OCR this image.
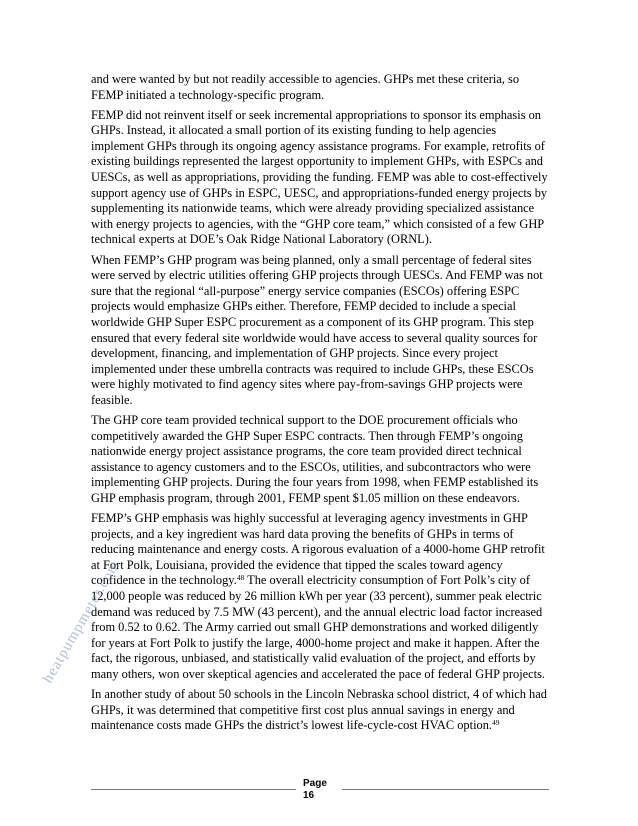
and were wanted by but not readily accessible to agencies. GHPs met these criteria, so FEMP initiated a technology-specific program.

FEMP did not reinvent itself or seek incremental appropriations to sponsor its emphasis on GHPs. Instead, it allocated a small portion of its existing funding to help agencies implement GHPs through its ongoing agency assistance programs. For example, retrofits of existing buildings represented the largest opportunity to implement GHPs, with ESPCs and UESCs, as well as appropriations, providing the funding. FEMP was able to cost-effectively support agency use of GHPs in ESPC, UESC, and appropriations-funded energy projects by supplementing its nationwide teams, which were already providing specialized assistance with energy projects to agencies, with the “GHP core team,” which consisted of a few GHP technical experts at DOE’s Oak Ridge National Laboratory (ORNL).

When FEMP’s GHP program was being planned, only a small percentage of federal sites were served by electric utilities offering GHP projects through UESCs. And FEMP was not sure that the regional “all-purpose” energy service companies (ESCOs) offering ESPC projects would emphasize GHPs either. Therefore, FEMP decided to include a special worldwide GHP Super ESPC procurement as a component of its GHP program. This step ensured that every federal site worldwide would have access to several quality sources for development, financing, and implementation of GHP projects. Since every project implemented under these umbrella contracts was required to include GHPs, these ESCOs were highly motivated to find agency sites where pay-from-savings GHP projects were feasible.

The GHP core team provided technical support to the DOE procurement officials who competitively awarded the GHP Super ESPC contracts. Then through FEMP’s ongoing nationwide energy project assistance programs, the core team provided direct technical assistance to agency customers and to the ESCOs, utilities, and subcontractors who were implementing GHP projects. During the four years from 1998, when FEMP established its GHP emphasis program, through 2001, FEMP spent $1.05 million on these endeavors.

FEMP’s GHP emphasis was highly successful at leveraging agency investments in GHP projects, and a key ingredient was hard data proving the benefits of GHPs in terms of reducing maintenance and energy costs. A rigorous evaluation of a 4000-home GHP retrofit at Fort Polk, Louisiana, provided the evidence that tipped the scales toward agency confidence in the technology.$^{48}$ The overall electricity consumption of Fort Polk’s city of 12,000 people was reduced by 26 million kWh per year (33 percent), summer peak electric demand was reduced by 7.5 MW (43 percent), and the annual electric load factor increased from 0.52 to 0.62. The Army carried out small GHP demonstrations and worked diligently for years at Fort Polk to justify the large, 4000-home project and make it happen. After the fact, the rigorous, unbiased, and statistically valid evaluation of the project, and efforts by many others, won over skeptical agencies and accelerated the pace of federal GHP projects.

In another study of about 50 schools in the Lincoln Nebraska school district, 4 of which had GHPs, it was determined that competitive first cost plus annual savings in energy and maintenance costs made GHPs the district’s lowest life-cycle-cost HVAC option.$^{49}$

heatpumpmeter.com
Page
16
